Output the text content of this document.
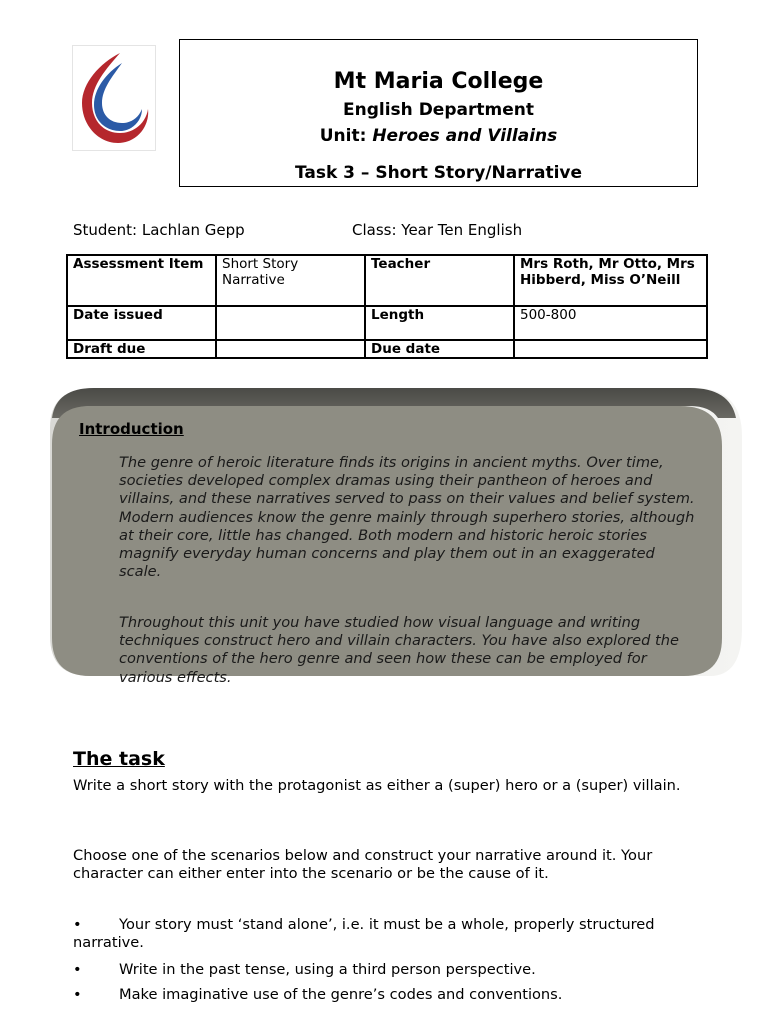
Mt Maria College
English Department
Unit: Heroes and Villains
Task 3 – Short Story/Narrative
Student: Lachlan Gepp	Class: Year Ten English
Assessment Item	Short Story Narrative	Teacher	Mrs Roth, Mr Otto, Mrs Hibberd, Miss O’Neill
Date issued		Length	500-800
Draft due		Due date	
Introduction
The genre of heroic literature finds its origins in ancient myths. Over time, societies developed complex dramas using their pantheon of heroes and villains, and these narratives served to pass on their values and belief system. Modern audiences know the genre mainly through superhero stories, although at their core, little has changed. Both modern and historic heroic stories magnify everyday human concerns and play them out in an exaggerated scale.
Throughout this unit you have studied how visual language and writing techniques construct hero and villain characters. You have also explored the conventions of the hero genre and seen how these can be employed for various effects.
The task
Write a short story with the protagonist as either a (super) hero or a (super) villain.
Choose one of the scenarios below and construct your narrative around it. Your character can either enter into the scenario or be the cause of it.
•	Your story must ‘stand alone’, i.e. it must be a whole, properly structured narrative.
•	Write in the past tense, using a third person perspective.
•	Make imaginative use of the genre’s codes and conventions.
